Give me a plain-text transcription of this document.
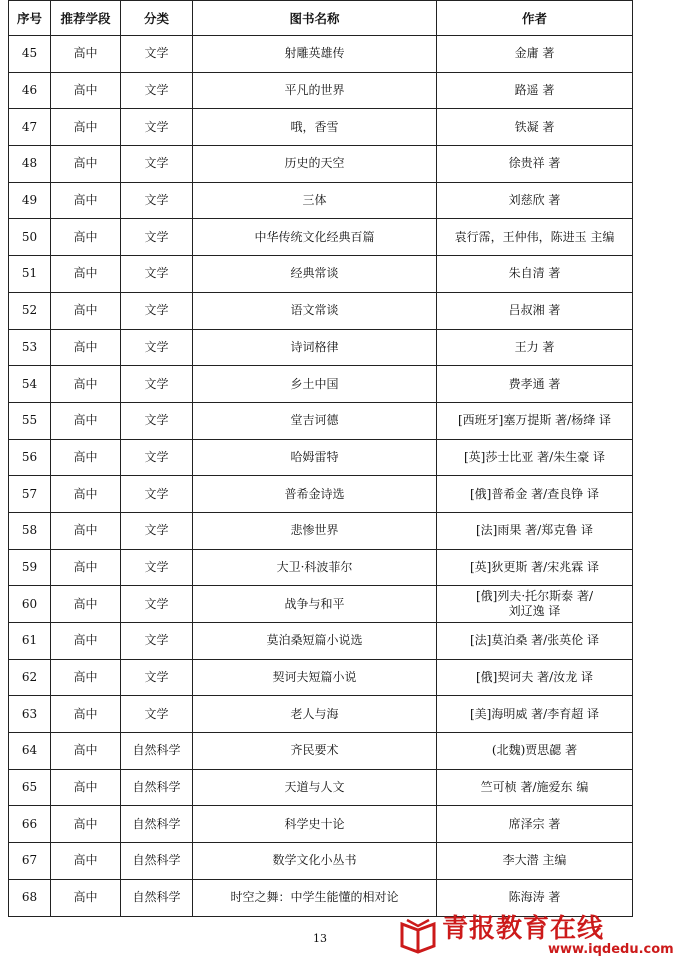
序号	推荐学段	分类	图书名称	作者
45	高中	文学	射雕英雄传	金庸 著
46	高中	文学	平凡的世界	路遥 著
47	高中	文学	哦，香雪	铁凝 著
48	高中	文学	历史的天空	徐贵祥 著
49	高中	文学	三体	刘慈欣 著
50	高中	文学	中华传统文化经典百篇	袁行霈，王仲伟，陈进玉 主编
51	高中	文学	经典常谈	朱自清 著
52	高中	文学	语文常谈	吕叔湘 著
53	高中	文学	诗词格律	王力 著
54	高中	文学	乡土中国	费孝通 著
55	高中	文学	堂吉诃德	[西班牙]塞万提斯 著/杨绛 译
56	高中	文学	哈姆雷特	[英]莎士比亚 著/朱生豪 译
57	高中	文学	普希金诗选	[俄]普希金 著/查良铮 译
58	高中	文学	悲惨世界	[法]雨果 著/郑克鲁 译
59	高中	文学	大卫·科波菲尔	[英]狄更斯 著/宋兆霖 译
60	高中	文学	战争与和平	[俄]列夫·托尔斯泰 著/
刘辽逸 译
61	高中	文学	莫泊桑短篇小说选	[法]莫泊桑 著/张英伦 译
62	高中	文学	契诃夫短篇小说	[俄]契诃夫 著/汝龙 译
63	高中	文学	老人与海	[美]海明威 著/李育超 译
64	高中	自然科学	齐民要术	(北魏)贾思勰 著
65	高中	自然科学	天道与人文	竺可桢 著/施爱东 编
66	高中	自然科学	科学史十论	席泽宗 著
67	高中	自然科学	数学文化小丛书	李大潜 主编
68	高中	自然科学	时空之舞：中学生能懂的相对论	陈海涛 著
13	青报教育在线
www.iqdedu.com
